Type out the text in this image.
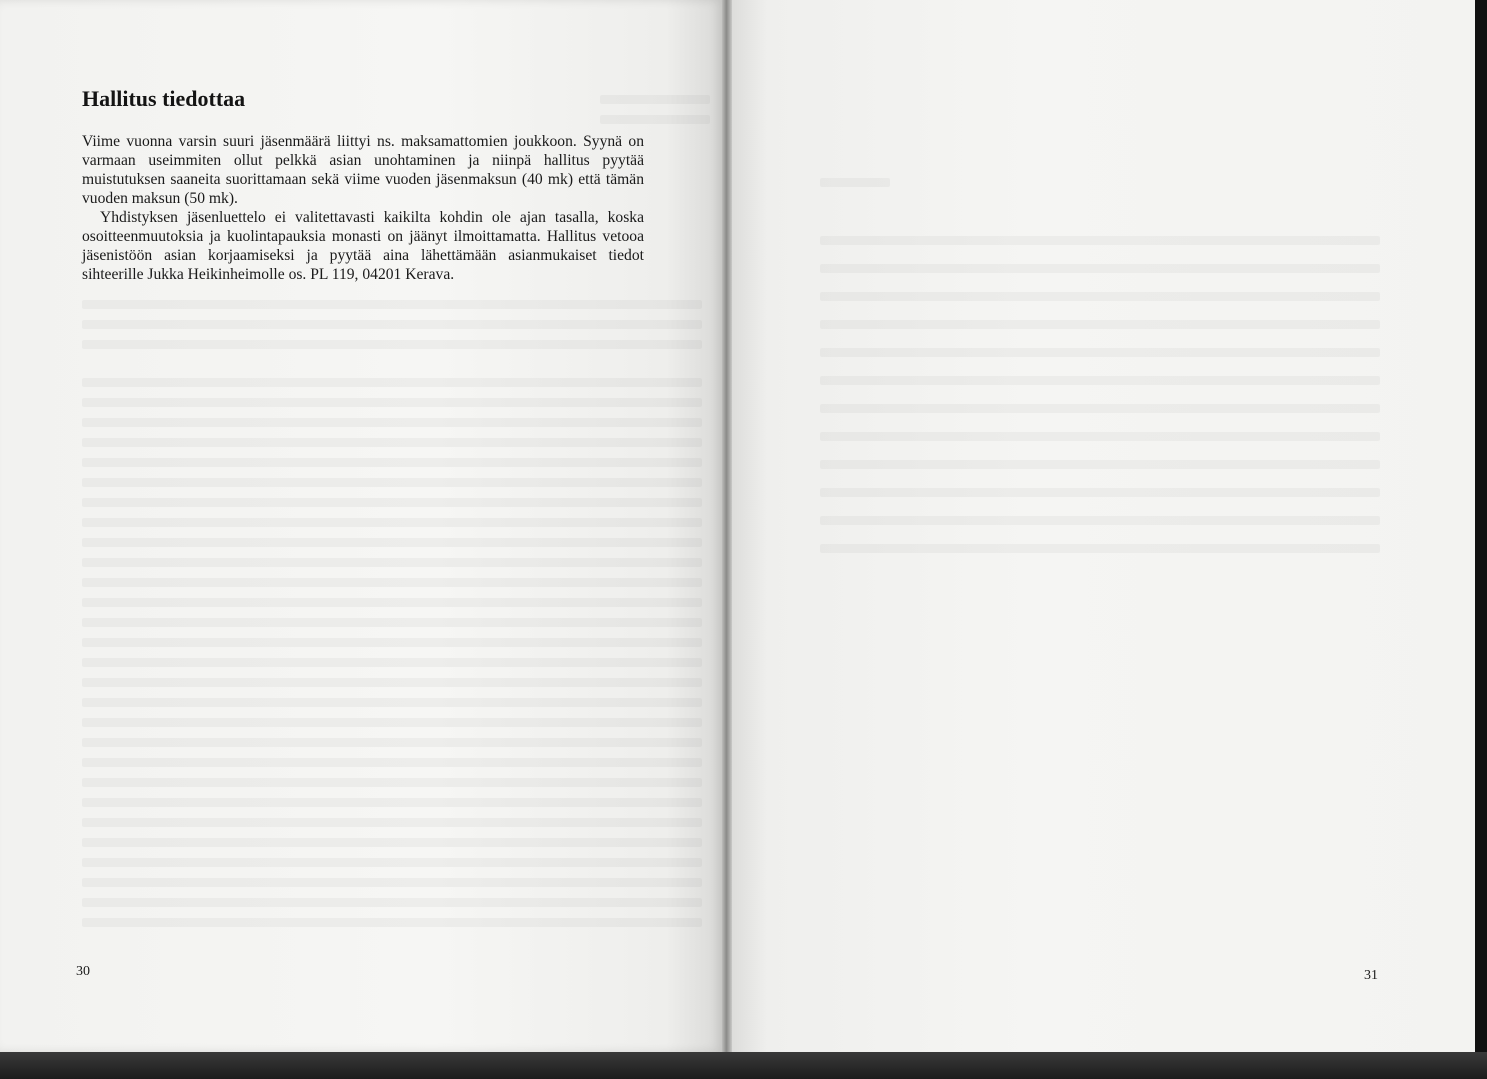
Hallitus tiedottaa

Viime vuonna varsin suuri jäsenmäärä liittyi ns. maksamattomien joukkoon. Syynä on varmaan useimmiten ollut pelkkä asian unohtaminen ja niinpä hallitus pyytää muistutuksen saaneita suorittamaan sekä viime vuoden jäsenmaksun (40 mk) että tämän vuoden maksun (50 mk).

Yhdistyksen jäsenluettelo ei valitettavasti kaikilta kohdin ole ajan tasalla, koska osoitteenmuutoksia ja kuolintapauksia monasti on jäänyt ilmoittamatta. Hallitus vetooa jäsenistöön asian korjaamiseksi ja pyytää aina lähettämään asianmukaiset tiedot sihteerille Jukka Heikinheimolle os. PL 119, 04201 Kerava.

30	31
